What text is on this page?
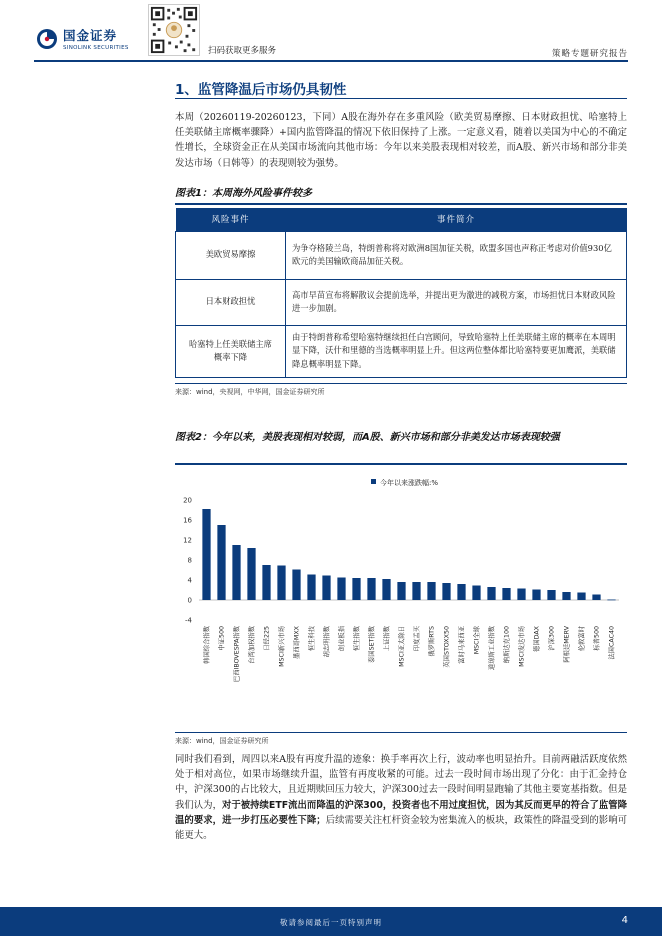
国金证券
SINOLINK SECURITIES	扫码获取更多服务	策略专题研究报告
1、监管降温后市场仍具韧性
本周（20260119-20260123，下同）A股在海外存在多重风险（欧美贸易摩擦、日本财政担忧、哈塞特上任美联储主席概率骤降）+国内监管降温的情况下依旧保持了上涨。一定意义看，随着以美国为中心的不确定性增长，全球资金正在从美国市场流向其他市场：今年以来美股表现相对较差，而A股、新兴市场和部分非美发达市场（日韩等）的表现则较为强势。
图表1：本周海外风险事件较多
风险事件	事件简介
美欧贸易摩擦	为争夺格陵兰岛，特朗普称将对欧洲8国加征关税，欧盟多国也声称正考虑对价值930亿欧元的美国输欧商品加征关税。
日本财政担忧	高市早苗宣布将解散议会提前选举，并提出更为激进的减税方案，市场担忧日本财政风险进一步加剧。
哈塞特上任美联储主席概率下降	由于特朗普称希望哈塞特继续担任白宫顾问，导致哈塞特上任美联储主席的概率在本周明显下降，沃什和里德的当选概率明显上升。但这两位整体都比哈塞特要更加鹰派，美联储降息概率明显下降。
来源：wind，央视网，中华网，国金证券研究所
图表2：今年以来，美股表现相对较弱，而A股、新兴市场和部分非美发达市场表现较强
今年以来涨跌幅:%
-4
0
4
8
12
16
20
韩国综合指数	中证500	巴西IBOVESPA指数	台湾加权指数 日经225	MSCI新兴市场	墨西哥MXX	恒生科技	胡志明指数	创业板指	恒生指数	泰国SET指数	上证指数	MSCI亚太除日	印度孟买	俄罗斯RTS	英国STOXX50	富时马来西亚	MSCI全球	道琼斯工业指数	纳斯达克100	MSCI发达市场	德国DAX	沪深300	阿根廷MERV	伦敦富时	标普500	法国CAC40
来源：wind，国金证券研究所
同时我们看到，周四以来A股有再度升温的迹象：换手率再次上行，波动率也明显抬升。目前两融活跃度依然处于相对高位，如果市场继续升温，监管有再度收紧的可能。过去一段时间市场出现了分化：由于汇金持仓中，沪深300的占比较大，且近期赎回压力较大，沪深300过去一段时间明显跑输了其他主要宽基指数。但是我们认为，对于被持续ETF流出而降温的沪深300，投资者也不用过度担忧，因为其反而更早的符合了监管降温的要求，进一步打压必要性下降；后续需要关注杠杆资金较为密集流入的板块，政策性的降温受到的影响可能更大。
敬请参阅最后一页特别声明	4
